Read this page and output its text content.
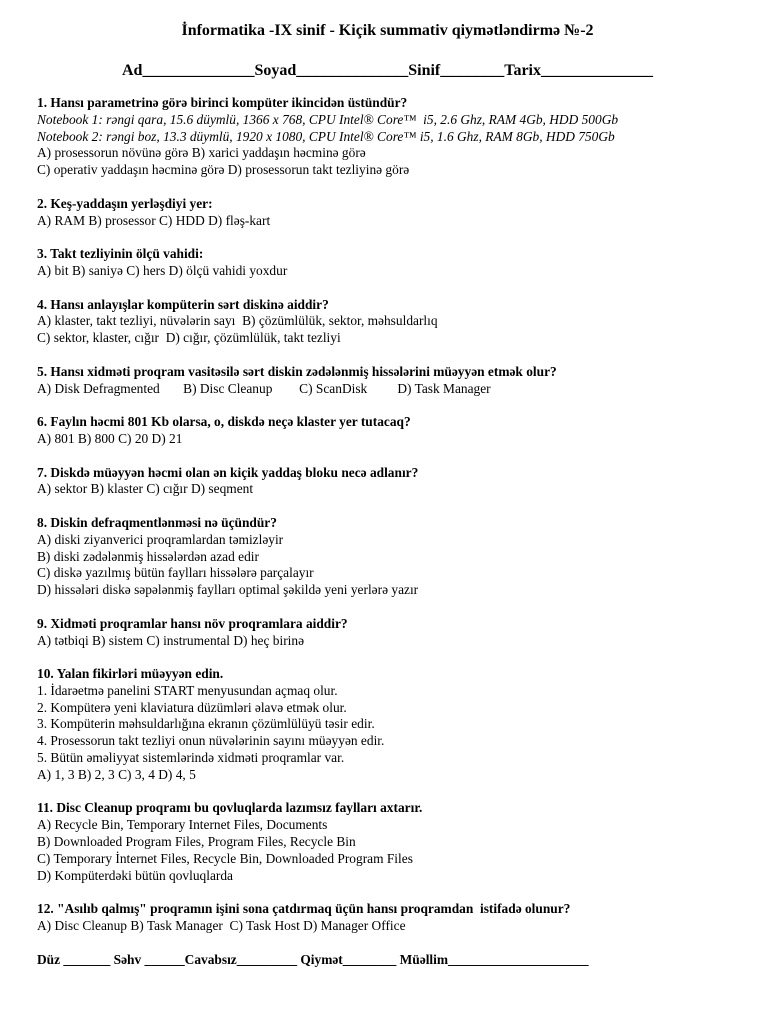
İnformatika -IX sinif - Kiçik summativ qiymətləndirmə №-2

Ad______________Soyad______________Sinif________Tarix______________

1. Hansı parametrinə görə birinci kompüter ikincidən üstündür?

Notebook 1: rəngi qara, 15.6 düymlü, 1366 x 768, CPU Intel® Core™  i5, 2.6 Ghz, RAM 4Gb, HDD 500Gb

Notebook 2: rəngi boz, 13.3 düymlü, 1920 x 1080, CPU Intel® Core™ i5, 1.6 Ghz, RAM 8Gb, HDD 750Gb

A) prosessorun növünə görə B) xarici yaddaşın həcminə görə

C) operativ yaddaşın həcminə görə D) prosessorun takt tezliyinə görə

2. Keş-yaddaşın yerləşdiyi yer:

A) RAM B) prosessor C) HDD D) fləş-kart

3. Takt tezliyinin ölçü vahidi:

A) bit B) saniyə C) hers D) ölçü vahidi yoxdur

4. Hansı anlayışlar kompüterin sərt diskinə aiddir?

A) klaster, takt tezliyi, nüvələrin sayı  B) çözümlülük, sektor, məhsuldarlıq

C) sektor, klaster, cığır  D) cığır, çözümlülük, takt tezliyi

5. Hansı xidməti proqram vasitəsilə sərt diskin zədələnmiş hissələrini müəyyən etmək olur?

A) Disk Defragmented       B) Disc Cleanup        C) ScanDisk         D) Task Manager

6. Faylın həcmi 801 Kb olarsa, o, diskdə neçə klaster yer tutacaq?

A) 801 B) 800 C) 20 D) 21

7. Diskdə müəyyən həcmi olan ən kiçik yaddaş bloku necə adlanır?

A) sektor B) klaster C) cığır D) seqment

8. Diskin defraqmentlənməsi nə üçündür?

A) diski ziyanverici proqramlardan təmizləyir

B) diski zədələnmiş hissələrdən azad edir

C) diskə yazılmış bütün faylları hissələrə parçalayır

D) hissələri diskə səpələnmiş faylları optimal şəkildə yeni yerlərə yazır

9. Xidməti proqramlar hansı növ proqramlara aiddir?

A) tətbiqi B) sistem C) instrumental D) heç birinə

10. Yalan fikirləri müəyyən edin.

1. İdarəetmə panelini START menyusundan açmaq olur.

2. Kompüterə yeni klaviatura düzümləri əlavə etmək olur.

3. Kompüterin məhsuldarlığına ekranın çözümlülüyü təsir edir.

4. Prosessorun takt tezliyi onun nüvələrinin sayını müəyyən edir.

5. Bütün əməliyyat sistemlərində xidməti proqramlar var.

A) 1, 3 B) 2, 3 C) 3, 4 D) 4, 5

11. Disc Cleanup proqramı bu qovluqlarda lazımsız faylları axtarır.

A) Recycle Bin, Temporary Internet Files, Documents

B) Downloaded Program Files, Program Files, Recycle Bin

C) Temporary İnternet Files, Recycle Bin, Downloaded Program Files

D) Kompüterdəki bütün qovluqlarda

12. "Asılıb qalmış" proqramın işini sona çatdırmaq üçün hansı proqramdan  istifadə olunur?

A) Disc Cleanup B) Task Manager  C) Task Host D) Manager Office

Düz _______ Səhv ______Cavabsız_________ Qiymət________ Müəllim_____________________
